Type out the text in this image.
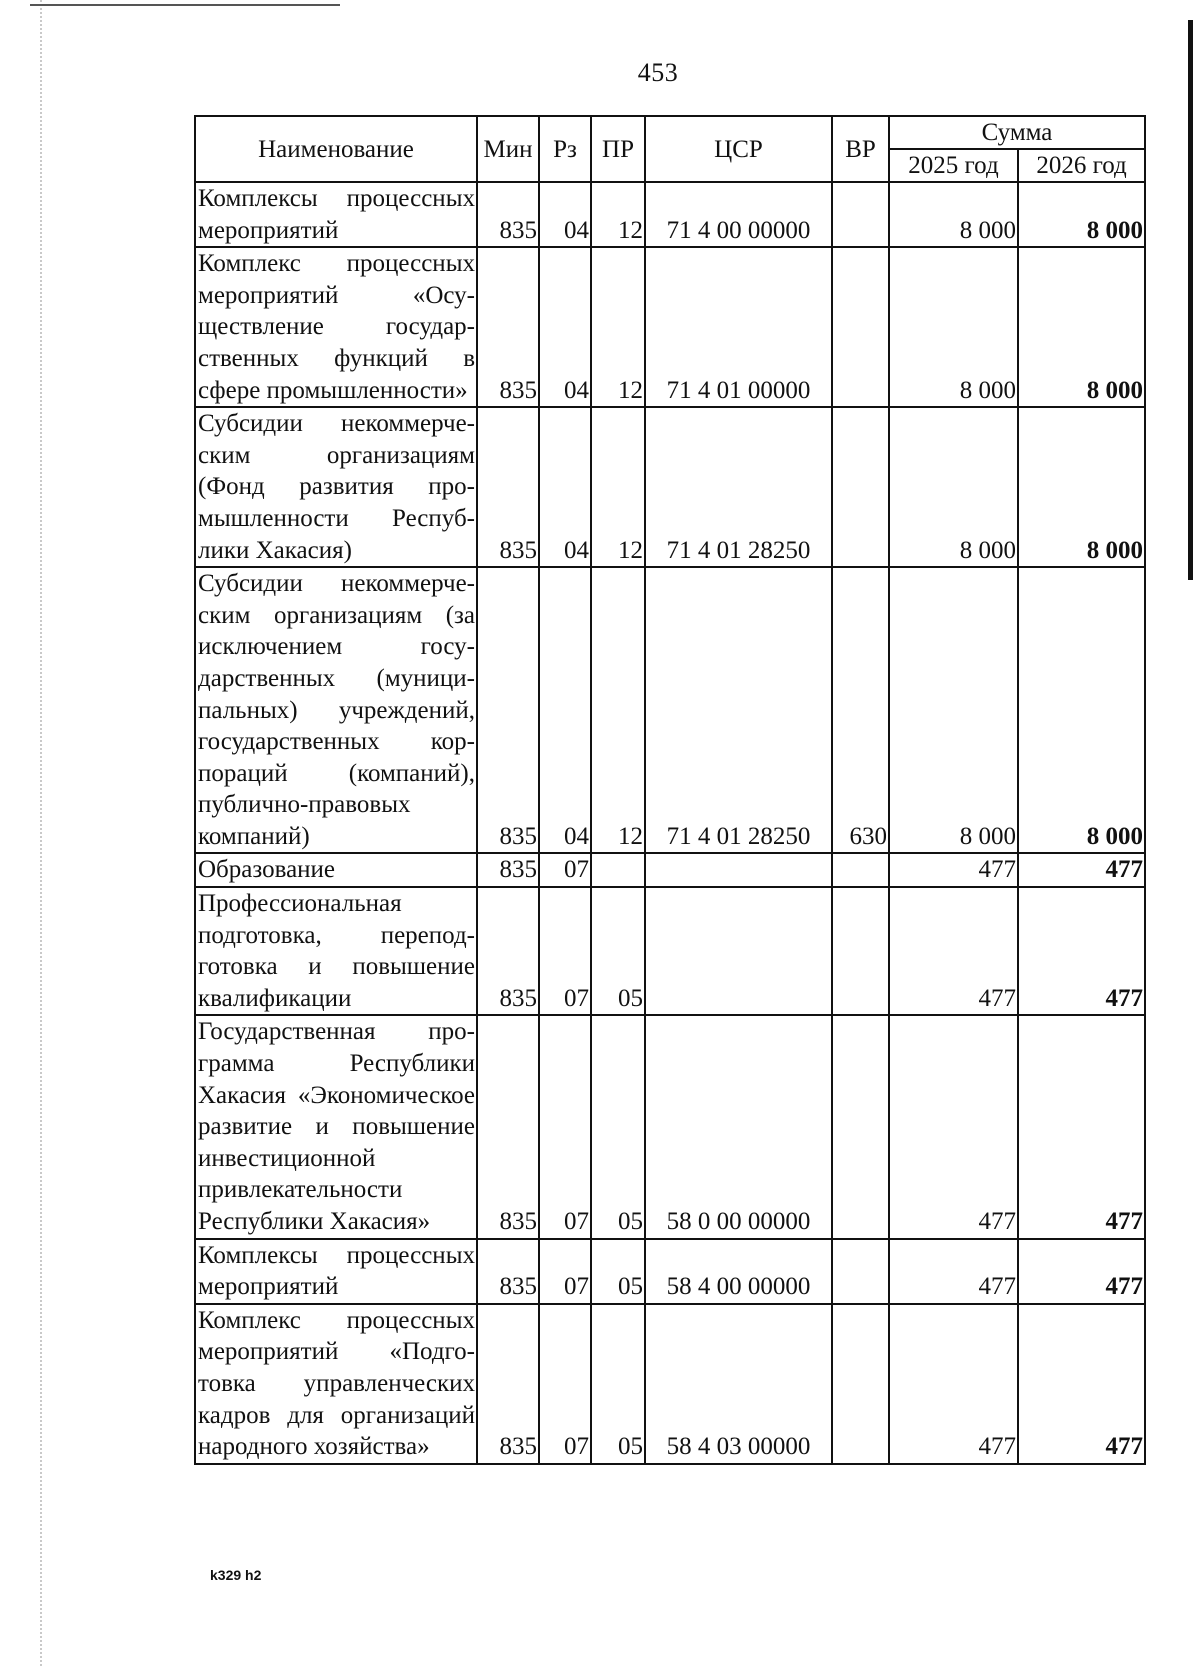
453
Наименование	Мин	Рз	ПР	ЦСР	ВР	Сумма	
						2025 год	2026 год
Комплексы процессных мероприятий	835	04	12	71 4 00 00000		8 000	8 000
Комплекс процессных мероприятий «Осуществление государственных функций в сфере промышленности»	835	04	12	71 4 01 00000		8 000	8 000
Субсидии некоммерческим организациям (Фонд развития промышленности Республики Хакасия)	835	04	12	71 4 01 28250		8 000	8 000
Субсидии некоммерческим организациям (за исключением государственных (муниципальных) учреждений, государственных корпораций (компаний), публично-правовых компаний)	835	04	12	71 4 01 28250	630	8 000	8 000
Образование	835	07				477	477
Профессиональная подготовка, переподготовка и повышение квалификации	835	07	05			477	477
Государственная программа Республики Хакасия «Экономическое развитие и повышение инвестиционной привлекательности Республики Хакасия»	835	07	05	58 0 00 00000		477	477
Комплексы процессных мероприятий	835	07	05	58 4 00 00000		477	477
Комплекс процессных мероприятий «Подготовка управленческих кадров для организаций народного хозяйства»	835	07	05	58 4 03 00000		477	477
k329 h2
